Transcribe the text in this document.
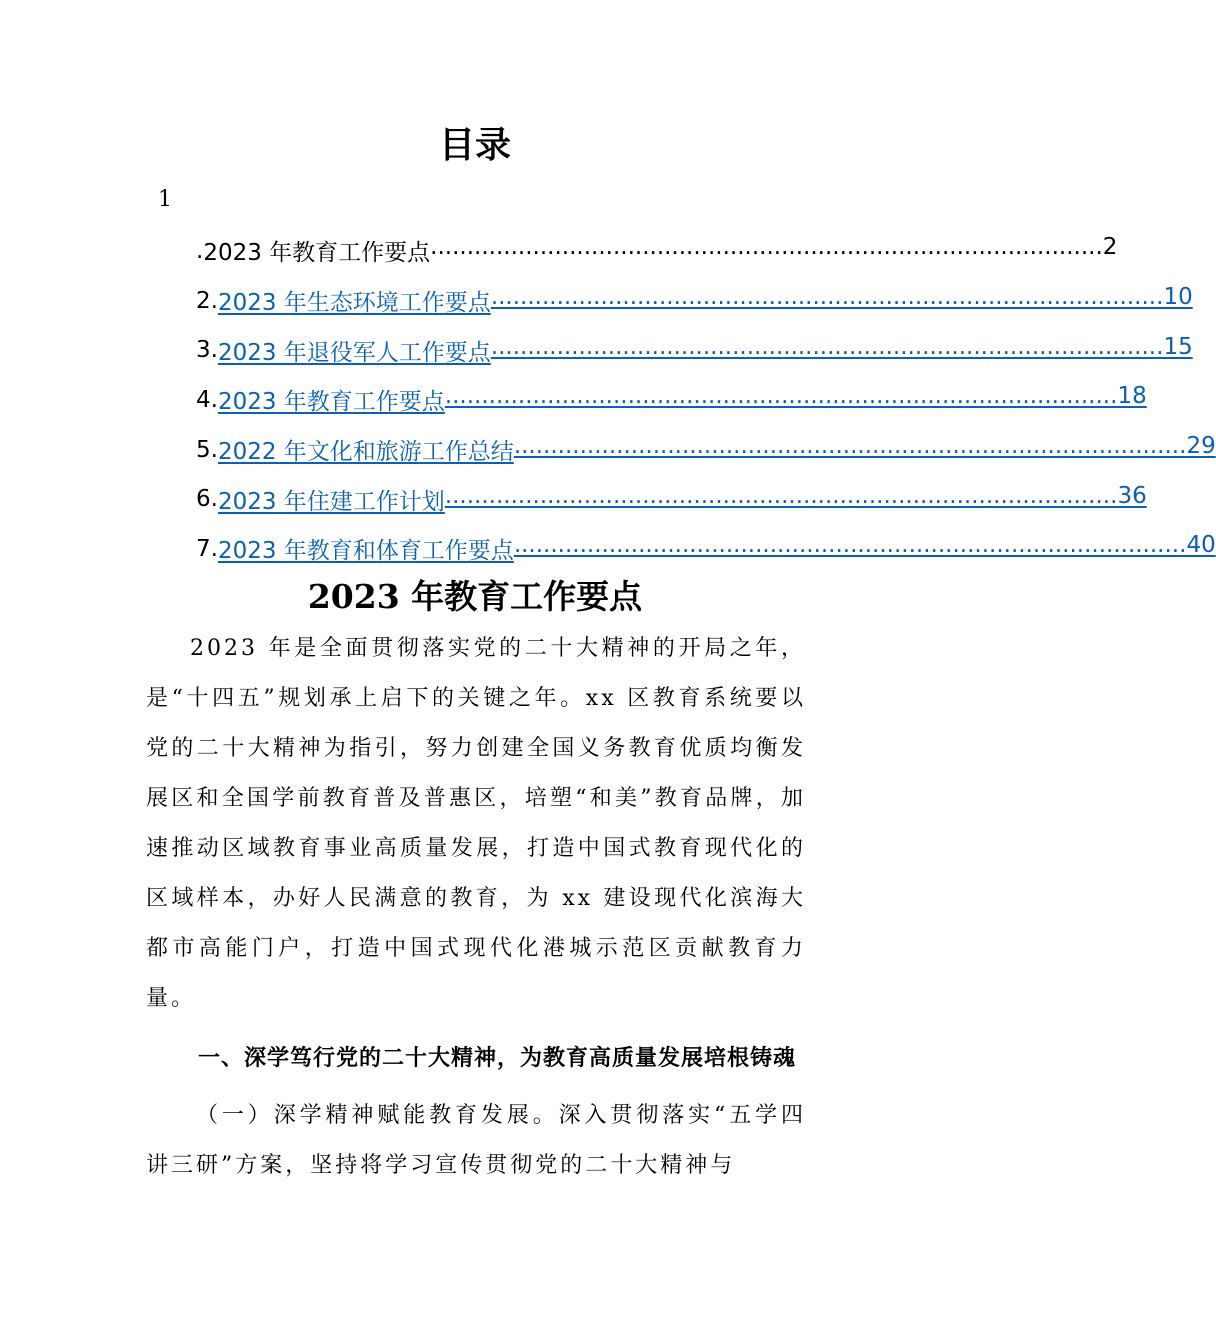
目录
1
. 2023 年教育工作要点 ............................................................................................ 2
2. 2023 年生态环境工作要点 ............................................................................................ 10
3. 2023 年退役军人工作要点 ............................................................................................ 15
4. 2023 年教育工作要点 ............................................................................................ 18
5. 2022 年文化和旅游工作总结 ............................................................................................ 29
6. 2023 年住建工作计划 ............................................................................................ 36
7. 2023 年教育和体育工作要点 ............................................................................................ 40
2023 年教育工作要点

2023 年是全面贯彻落实党的二十大精神的开局之年，是“十四五”规划承上启下的关键之年。xx 区教育系统要以党的二十大精神为指引，努力创建全国义务教育优质均衡发展区和全国学前教育普及普惠区，培塑“和美”教育品牌，加速推动区域教育事业高质量发展，打造中国式教育现代化的区域样本，办好人民满意的教育，为 xx 建设现代化滨海大都市高能门户，打造中国式现代化港城示范区贡献教育力量。

一、深学笃行党的二十大精神，为教育高质量发展培根铸魂

（一）深学精神赋能教育发展。深入贯彻落实“五学四讲三研”方案，坚持将学习宣传贯彻党的二十大精神与
